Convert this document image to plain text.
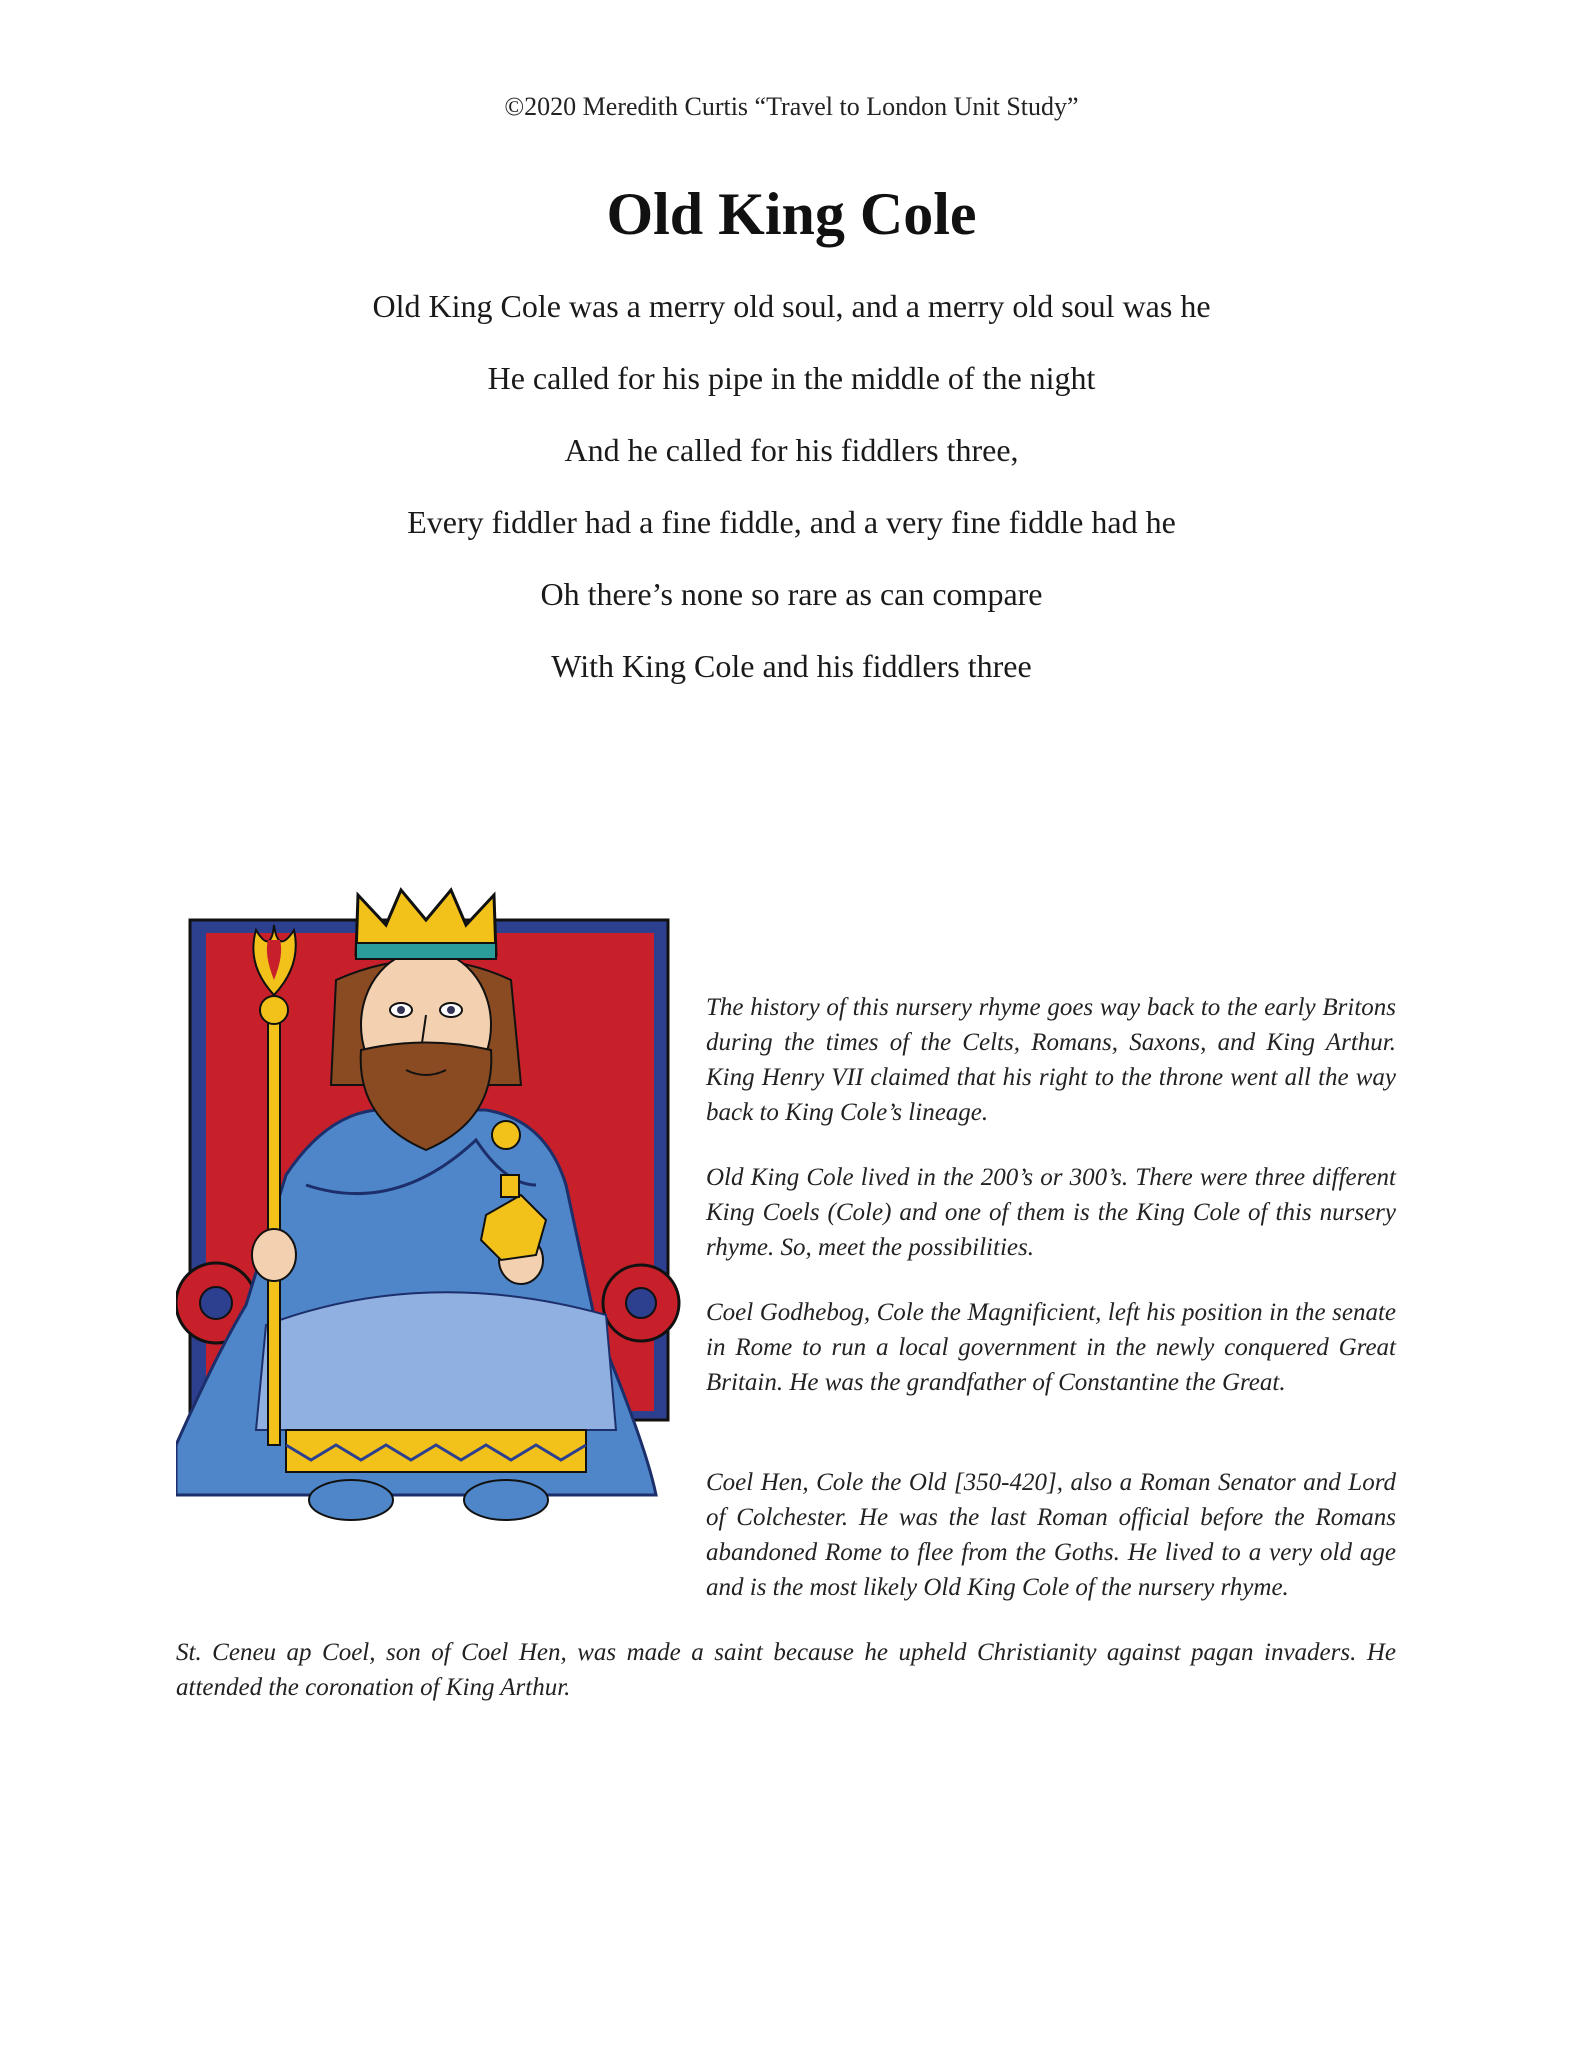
©2020 Meredith Curtis “Travel to London Unit Study”
Old King Cole
Old King Cole was a merry old soul, and a merry old soul was he
He called for his pipe in the middle of the night
And he called for his fiddlers three,
Every fiddler had a fine fiddle, and a very fine fiddle had he
Oh there’s none so rare as can compare
With King Cole and his fiddlers three

The history of this nursery rhyme goes way back to the early Britons during the times of the Celts, Romans, Saxons, and King Arthur. King Henry VII claimed that his right to the throne went all the way back to King Cole’s lineage.

Old King Cole lived in the 200’s or 300’s. There were three different King Coels (Cole) and one of them is the King Cole of this nursery rhyme. So, meet the possibilities.

Coel Godhebog, Cole the Magnificient, left his position in the senate in Rome to run a local government in the newly conquered Great Britain. He was the grandfather of Constantine the Great.

Coel Hen, Cole the Old [350-420], also a Roman Senator and Lord of Colchester. He was the last Roman official before the Romans abandoned Rome to flee from the Goths. He lived to a very old age and is the most likely Old King Cole of the nursery rhyme.

St. Ceneu ap Coel, son of Coel Hen, was made a saint because he upheld Christianity against pagan invaders. He attended the coronation of King Arthur.
